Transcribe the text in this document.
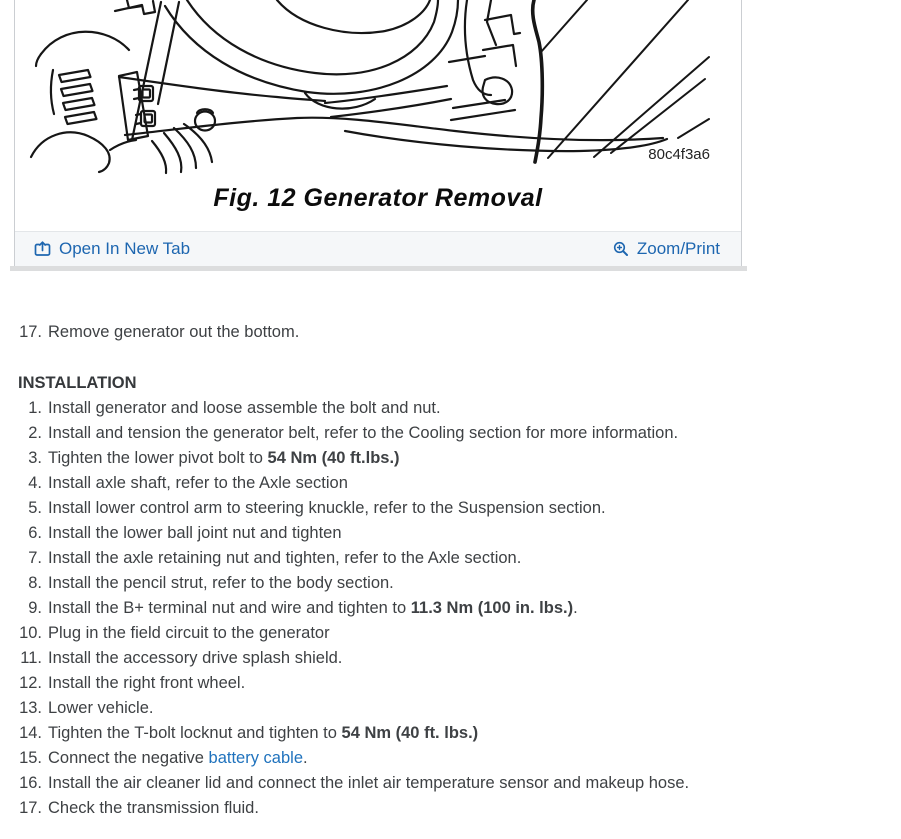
80c4f3a6
Fig. 12 Generator Removal
Open In New Tab	Zoom/Print
17. Remove generator out the bottom.
INSTALLATION
1. Install generator and loose assemble the bolt and nut.
2. Install and tension the generator belt, refer to the Cooling section for more information.
3. Tighten the lower pivot bolt to 54 Nm (40 ft.lbs.)
4. Install axle shaft, refer to the Axle section
5. Install lower control arm to steering knuckle, refer to the Suspension section.
6. Install the lower ball joint nut and tighten
7. Install the axle retaining nut and tighten, refer to the Axle section.
8. Install the pencil strut, refer to the body section.
9. Install the B+ terminal nut and wire and tighten to 11.3 Nm (100 in. lbs.).
10. Plug in the field circuit to the generator
11. Install the accessory drive splash shield.
12. Install the right front wheel.
13. Lower vehicle.
14. Tighten the T-bolt locknut and tighten to 54 Nm (40 ft. lbs.)
15. Connect the negative battery cable.
16. Install the air cleaner lid and connect the inlet air temperature sensor and makeup hose.
17. Check the transmission fluid.
